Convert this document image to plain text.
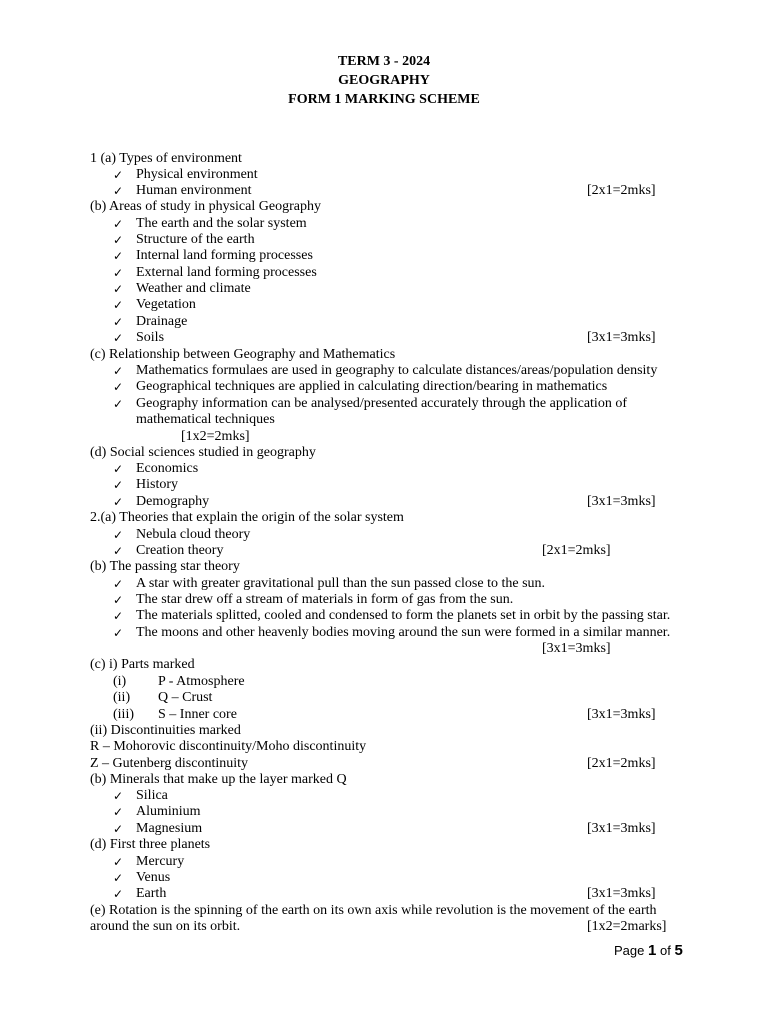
TERM 3 - 2024
GEOGRAPHY
FORM 1 MARKING SCHEME
1 (a) Types of environment
✓ Physical environment
✓ Human environment	[2x1=2mks]
(b) Areas of study in physical Geography
✓ The earth and the solar system
✓ Structure of the earth
✓ Internal land forming processes
✓ External land forming processes
✓ Weather and climate
✓ Vegetation
✓ Drainage
✓ Soils	[3x1=3mks]
(c) Relationship between Geography and Mathematics
✓ Mathematics formulaes are used in geography to calculate distances/areas/population density
✓ Geographical techniques are applied in calculating direction/bearing in mathematics
✓ Geography information can be analysed/presented accurately through the application of
mathematical techniques
[1x2=2mks]
(d) Social sciences studied in geography
✓ Economics
✓ History
✓ Demography	[3x1=3mks]
2.(a) Theories that explain the origin of the solar system
✓ Nebula cloud theory
✓ Creation theory	[2x1=2mks]
(b) The passing star theory
✓ A star with greater gravitational pull than the sun passed close to the sun.
✓ The star drew off a stream of materials in form of gas from the sun.
✓ The materials splitted, cooled and condensed to form the planets set in orbit by the passing star.
✓ The moons and other heavenly bodies moving around the sun were formed in a similar manner.
[3x1=3mks]
(c) i) Parts marked
(i) P - Atmosphere
(ii) Q – Crust
(iii) S – Inner core	[3x1=3mks]
(ii) Discontinuities marked
R – Mohorovic discontinuity/Moho discontinuity
Z – Gutenberg discontinuity	[2x1=2mks]
(b) Minerals that make up the layer marked Q
✓ Silica
✓ Aluminium
✓ Magnesium	[3x1=3mks]
(d) First three planets
✓ Mercury
✓ Venus
✓ Earth	[3x1=3mks]
(e) Rotation is the spinning of the earth on its own axis while revolution is the movement of the earth
around the sun on its orbit.	[1x2=2marks]
Page 1 of 5
